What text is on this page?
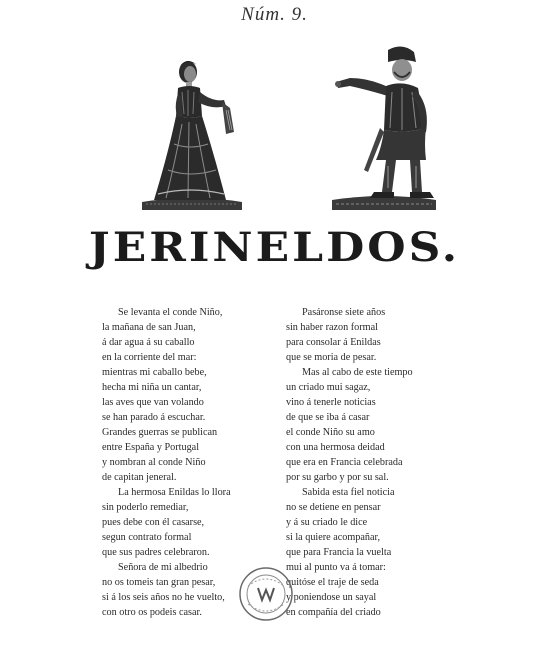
Núm. 9.
JERINELDOS.
Se levanta el conde Niño,
la mañana de san Juan,
á dar agua á su caballo
en la corriente del mar:
mientras mi caballo bebe,
hecha mi niña un cantar,
las aves que van volando
se han parado á escuchar.
Grandes guerras se publican
entre España y Portugal
y nombran al conde Niño
de capitan jeneral.
La hermosa Enildas lo llora
sin poderlo remediar,
pues debe con él casarse,
segun contrato formal
que sus padres celebraron.
Señora de mi albedrio
no os tomeis tan gran pesar,
si á los seis años no he vuelto,
con otro os podeis casar.
Pasáronse siete años
sin haber razon formal
para consolar á Enildas
que se moria de pesar.
Mas al cabo de este tiempo
un criado mui sagaz,
vino á tenerle noticias
de que se iba á casar
el conde Niño su amo
con una hermosa deidad
que era en Francia celebrada
por su garbo y por su sal.
Sabida esta fiel noticia
no se detiene en pensar
y á su criado le dice
si la quiere acompañar,
que para Francia la vuelta
mui al punto va á tomar:
quitóse el traje de seda
y poniendose un sayal
en compañía del criado
